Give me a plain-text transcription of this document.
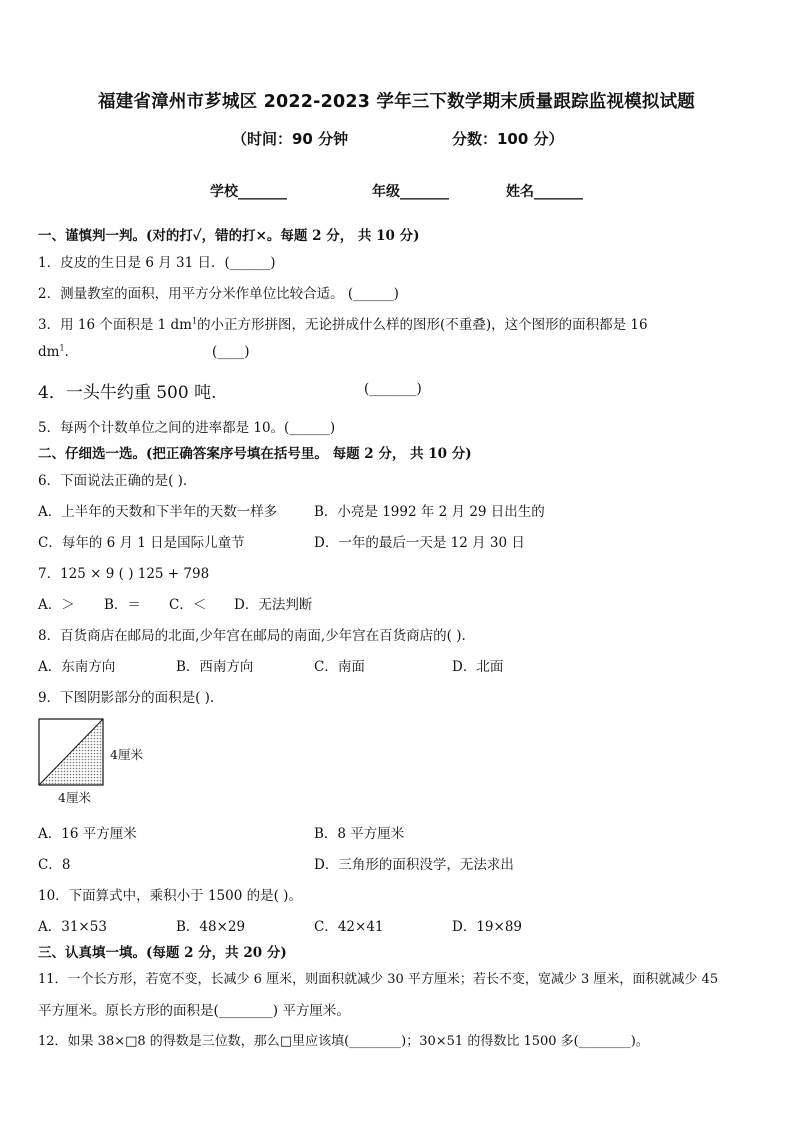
福建省漳州市芗城区 2022-2023 学年三下数学期末质量跟踪监视模拟试题
（时间：90 分钟	分数：100 分）
学校_______	年级_______	姓名_______
一、谨慎判一判。(对的打✓，错的打×。每题 2 分， 共 10 分)
1．皮皮的生日是 6 月 31 日．(______)
2．测量教室的面积，用平方分米作单位比较合适。 (______)
3．用 16 个面积是 1 $dm^1$的小正方形拼图，无论拼成什么样的图形(不重叠)，这个图形的面积都是 16
$dm^1$.	(____)
4．一头牛约重 500 吨.	(_______)
5．每两个计数单位之间的进率都是 10。(______)
二、仔细选一选。(把正确答案序号填在括号里。 每题 2 分， 共 10 分)
6．下面说法正确的是( )．
A．上半年的天数和下半年的天数一样多	B．小亮是 1992 年 2 月 29 日出生的
C．每年的 6 月 1 日是国际儿童节	D．一年的最后一天是 12 月 30 日
7．125 × 9 ( ) 125 + 798
A．＞ B．＝ C．＜ D．无法判断
8．百货商店在邮局的北面,少年宫在邮局的南面,少年宫在百货商店的( ).
A．东南方向	B．西南方向	C．南面	D．北面
9．下图阴影部分的面积是( ).
4厘米
4厘米
A．16 平方厘米	B．8 平方厘米
C．8	D．三角形的面积没学，无法求出
10．下面算式中，乘积小于 1500 的是( )。
A．31×53	B．48×29	C．42×41	D．19×89
三、认真填一填。(每题 2 分，共 20 分)
11．一个长方形，若宽不变，长减少 6 厘米，则面积就减少 30 平方厘米；若长不变，宽减少 3 厘米，面积就减少 45
平方厘米。原长方形的面积是(________) 平方厘米。
12．如果 38×□8 的得数是三位数，那么□里应该填(________)；30×51 的得数比 1500 多(________)。
